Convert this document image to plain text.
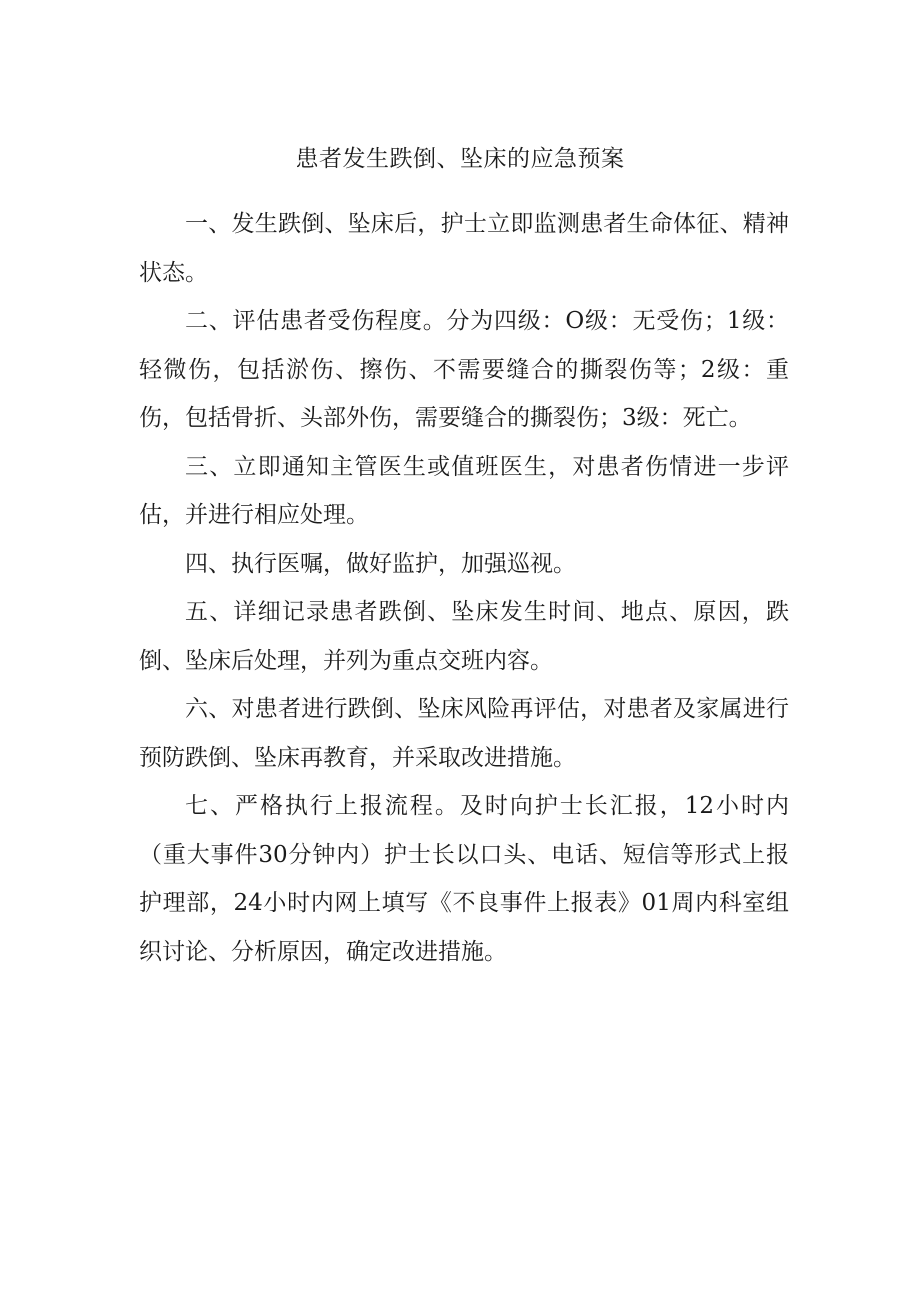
患者发生跌倒、坠床的应急预案

一、发生跌倒、坠床后，护士立即监测患者生命体征、精神状态。

二、评估患者受伤程度。分为四级：O级：无受伤；1级：轻微伤，包括淤伤、擦伤、不需要缝合的撕裂伤等；2级：重伤，包括骨折、头部外伤，需要缝合的撕裂伤；3级：死亡。

三、立即通知主管医生或值班医生，对患者伤情进一步评估，并进行相应处理。

四、执行医嘱，做好监护，加强巡视。

五、详细记录患者跌倒、坠床发生时间、地点、原因，跌倒、坠床后处理，并列为重点交班内容。

六、对患者进行跌倒、坠床风险再评估，对患者及家属进行预防跌倒、坠床再教育，并采取改进措施。

七、严格执行上报流程。及时向护士长汇报，12小时内（重大事件30分钟内）护士长以口头、电话、短信等形式上报护理部，24小时内网上填写《不良事件上报表》01周内科室组织讨论、分析原因，确定改进措施。
